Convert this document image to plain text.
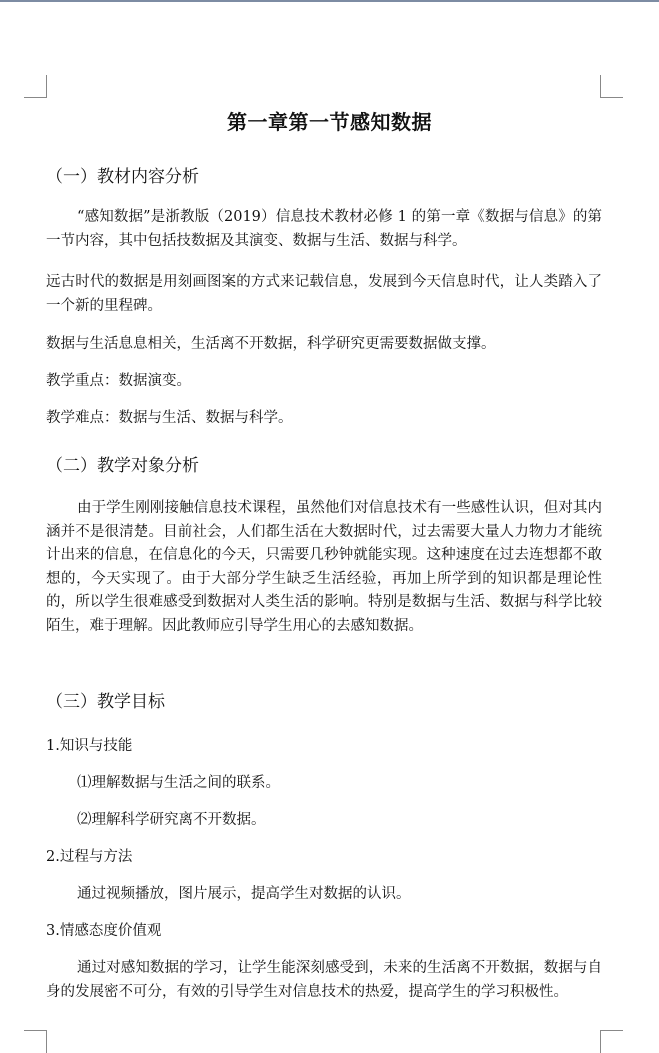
第一章第一节感知数据
（一）教材内容分析
“感知数据”是浙教版（2019）信息技术教材必修 1 的第一章《数据与信息》的第一节内容，其中包括技数据及其演变、数据与生活、数据与科学。
远古时代的数据是用刻画图案的方式来记载信息，发展到今天信息时代，让人类踏入了一个新的里程碑。
数据与生活息息相关，生活离不开数据，科学研究更需要数据做支撑。
教学重点：数据演变。
教学难点：数据与生活、数据与科学。
（二）教学对象分析
由于学生刚刚接触信息技术课程，虽然他们对信息技术有一些感性认识，但对其内涵并不是很清楚。目前社会，人们都生活在大数据时代，过去需要大量人力物力才能统计出来的信息，在信息化的今天，只需要几秒钟就能实现。这种速度在过去连想都不敢想的，今天实现了。由于大部分学生缺乏生活经验，再加上所学到的知识都是理论性的，所以学生很难感受到数据对人类生活的影响。特别是数据与生活、数据与科学比较陌生，难于理解。因此教师应引导学生用心的去感知数据。
（三）教学目标
1.知识与技能
⑴理解数据与生活之间的联系。
⑵理解科学研究离不开数据。
2.过程与方法
通过视频播放，图片展示，提高学生对数据的认识。
3.情感态度价值观
通过对感知数据的学习，让学生能深刻感受到，未来的生活离不开数据，数据与自身的发展密不可分，有效的引导学生对信息技术的热爱，提高学生的学习积极性。
